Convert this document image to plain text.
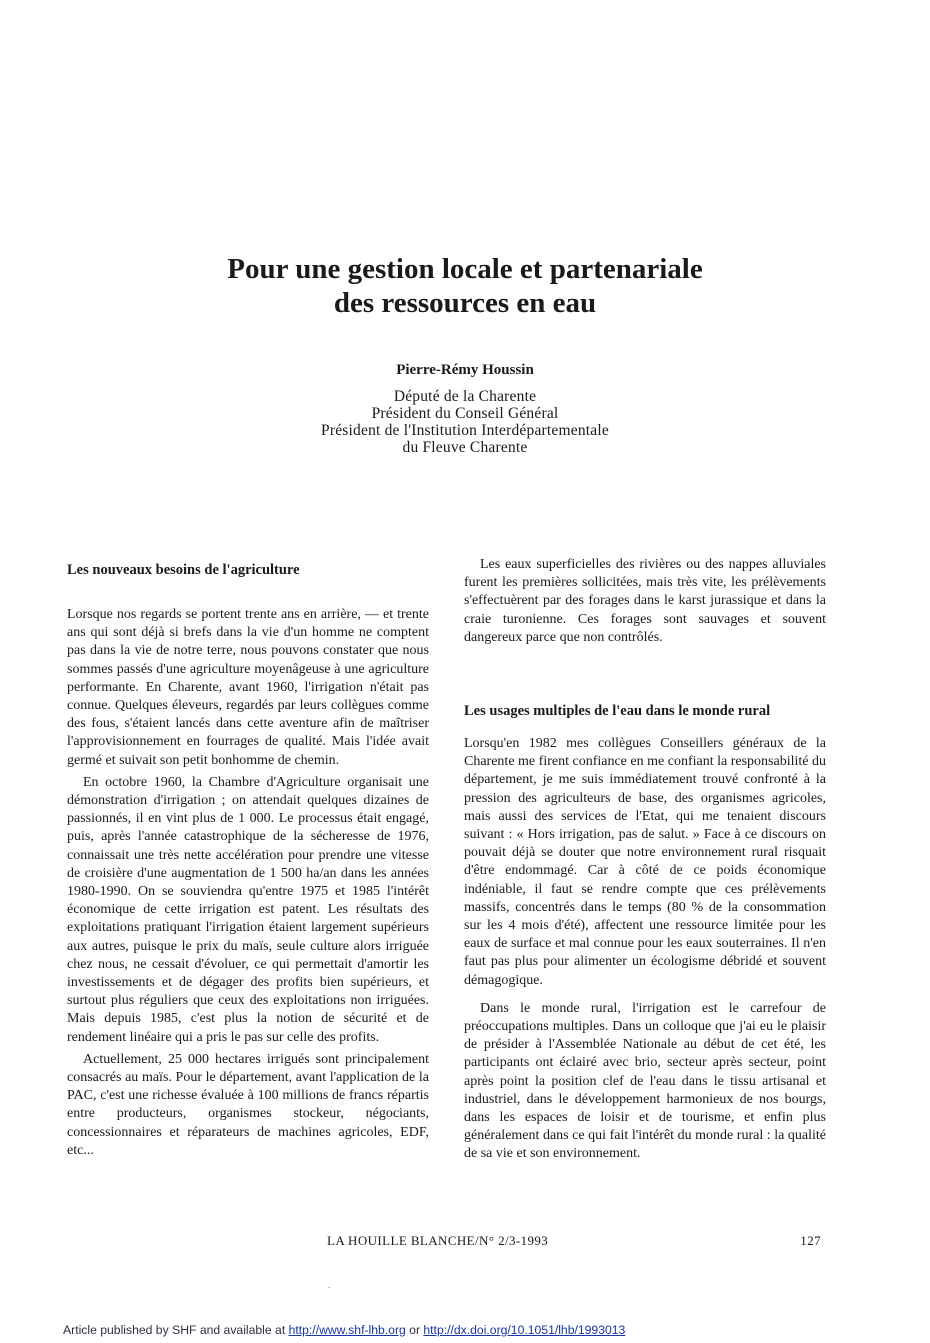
Pour une gestion locale et partenariale
des ressources en eau
Pierre-Rémy Houssin
Député de la Charente
Président du Conseil Général
Président de l'Institution Interdépartementale
du Fleuve Charente
Les nouveaux besoins de l'agriculture

Lorsque nos regards se portent trente ans en arrière, — et trente ans qui sont déjà si brefs dans la vie d'un homme ne comptent pas dans la vie de notre terre, nous pouvons constater que nous sommes passés d'une agriculture moyenâgeuse à une agriculture performante. En Charente, avant 1960, l'irrigation n'était pas connue. Quelques éleveurs, regardés par leurs collègues comme des fous, s'étaient lancés dans cette aventure afin de maîtriser l'approvisionnement en fourrages de qualité. Mais l'idée avait germé et suivait son petit bonhomme de chemin.

En octobre 1960, la Chambre d'Agriculture organisait une démonstration d'irrigation ; on attendait quelques dizaines de passionnés, il en vint plus de 1 000. Le processus était engagé, puis, après l'année catastrophique de la sécheresse de 1976, connaissait une très nette accélération pour prendre une vitesse de croisière d'une augmentation de 1 500 ha/an dans les années 1980-1990. On se souviendra qu'entre 1975 et 1985 l'intérêt économique de cette irrigation est patent. Les résultats des exploitations pratiquant l'irrigation étaient largement supérieurs aux autres, puisque le prix du maïs, seule culture alors irriguée chez nous, ne cessait d'évoluer, ce qui permettait d'amortir les investissements et de dégager des profits bien supérieurs, et surtout plus réguliers que ceux des exploitations non irriguées. Mais depuis 1985, c'est plus la notion de sécurité et de rendement linéaire qui a pris le pas sur celle des profits.

Actuellement, 25 000 hectares irrigués sont principalement consacrés au maïs. Pour le département, avant l'application de la PAC, c'est une richesse évaluée à 100 millions de francs répartis entre producteurs, organismes stockeur, négociants, concessionnaires et réparateurs de machines agricoles, EDF, etc...

Les eaux superficielles des rivières ou des nappes alluviales furent les premières sollicitées, mais très vite, les prélèvements s'effectuèrent par des forages dans le karst jurassique et dans la craie turonienne. Ces forages sont sauvages et souvent dangereux parce que non contrôlés.

Les usages multiples de l'eau dans le monde rural

Lorsqu'en 1982 mes collègues Conseillers généraux de la Charente me firent confiance en me confiant la responsabilité du département, je me suis immédiatement trouvé confronté à la pression des agriculteurs de base, des organismes agricoles, mais aussi des services de l'Etat, qui me tenaient discours suivant : « Hors irrigation, pas de salut. » Face à ce discours on pouvait déjà se douter que notre environnement rural risquait d'être endommagé. Car à côté de ce poids économique indéniable, il faut se rendre compte que ces prélèvements massifs, concentrés dans le temps (80 % de la consommation sur les 4 mois d'été), affectent une ressource limitée pour les eaux de surface et mal connue pour les eaux souterraines. Il n'en faut pas plus pour alimenter un écologisme débridé et souvent démagogique.

Dans le monde rural, l'irrigation est le carrefour de préoccupations multiples. Dans un colloque que j'ai eu le plaisir de présider à l'Assemblée Nationale au début de cet été, les participants ont éclairé avec brio, secteur après secteur, point après point la position clef de l'eau dans le tissu artisanal et industriel, dans le développement harmonieux de nos bourgs, dans les espaces de loisir et de tourisme, et enfin plus généralement dans ce qui fait l'intérêt du monde rural : la qualité de sa vie et son environnement.

LA HOUILLE BLANCHE/N° 2/3-1993	127
Article published by SHF and available at http://www.shf-lhb.org or http://dx.doi.org/10.1051/lhb/1993013
